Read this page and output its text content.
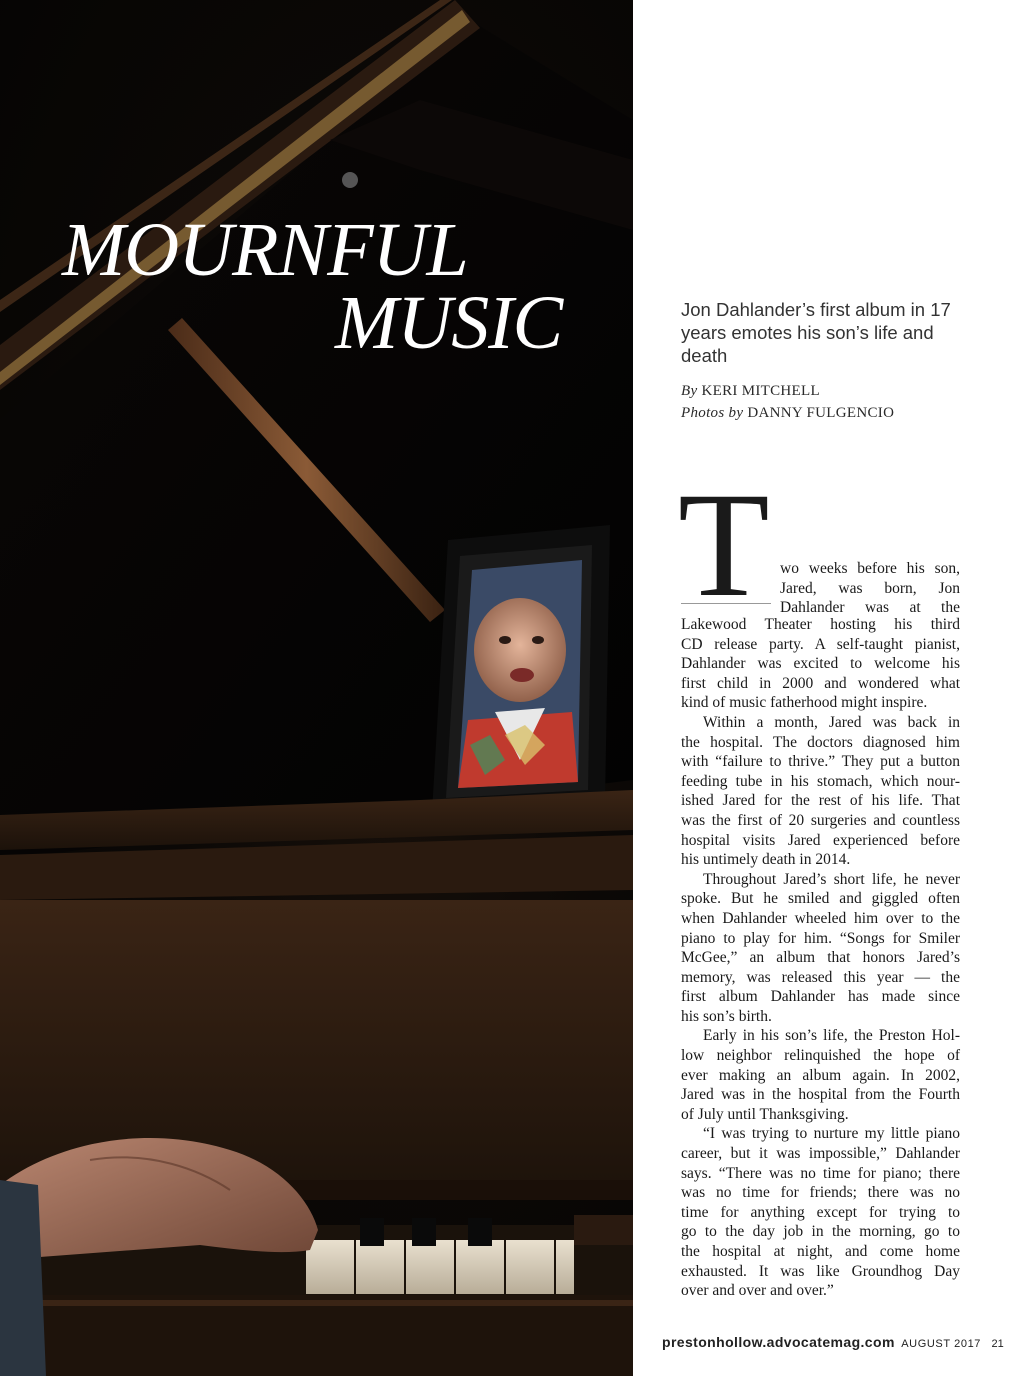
MOURNFUL
MUSIC	Jon Dahlander’s first album in 17 years emotes his son’s life and death
By KERI MITCHELL
Photos by DANNY FULGENCIO
T wo weeks before his son,
Jared, was born, Jon
Dahlander was at the
Lakewood Theater hosting his third
CD release party. A self-taught pianist,
Dahlander was excited to welcome his
first child in 2000 and wondered what
kind of music fatherhood might inspire.
Within a month, Jared was back in
the hospital. The doctors diagnosed him
with “failure to thrive.” They put a button
feeding tube in his stomach, which nour-
ished Jared for the rest of his life. That
was the first of 20 surgeries and countless
hospital visits Jared experienced before
his untimely death in 2014.
Throughout Jared’s short life, he never
spoke. But he smiled and giggled often
when Dahlander wheeled him over to the
piano to play for him. “Songs for Smiler
McGee,” an album that honors Jared’s
memory, was released this year — the
first album Dahlander has made since
his son’s birth.
Early in his son’s life, the Preston Hol-
low neighbor relinquished the hope of
ever making an album again. In 2002,
Jared was in the hospital from the Fourth
of July until Thanksgiving.
“I was trying to nurture my little piano
career, but it was impossible,” Dahlander
says. “There was no time for piano; there
was no time for friends; there was no
time for anything except for trying to
go to the day job in the morning, go to
the hospital at night, and come home
exhausted. It was like Groundhog Day
over and over and over.”
prestonhollow.advocatemag.com AUGUST 2017 21
